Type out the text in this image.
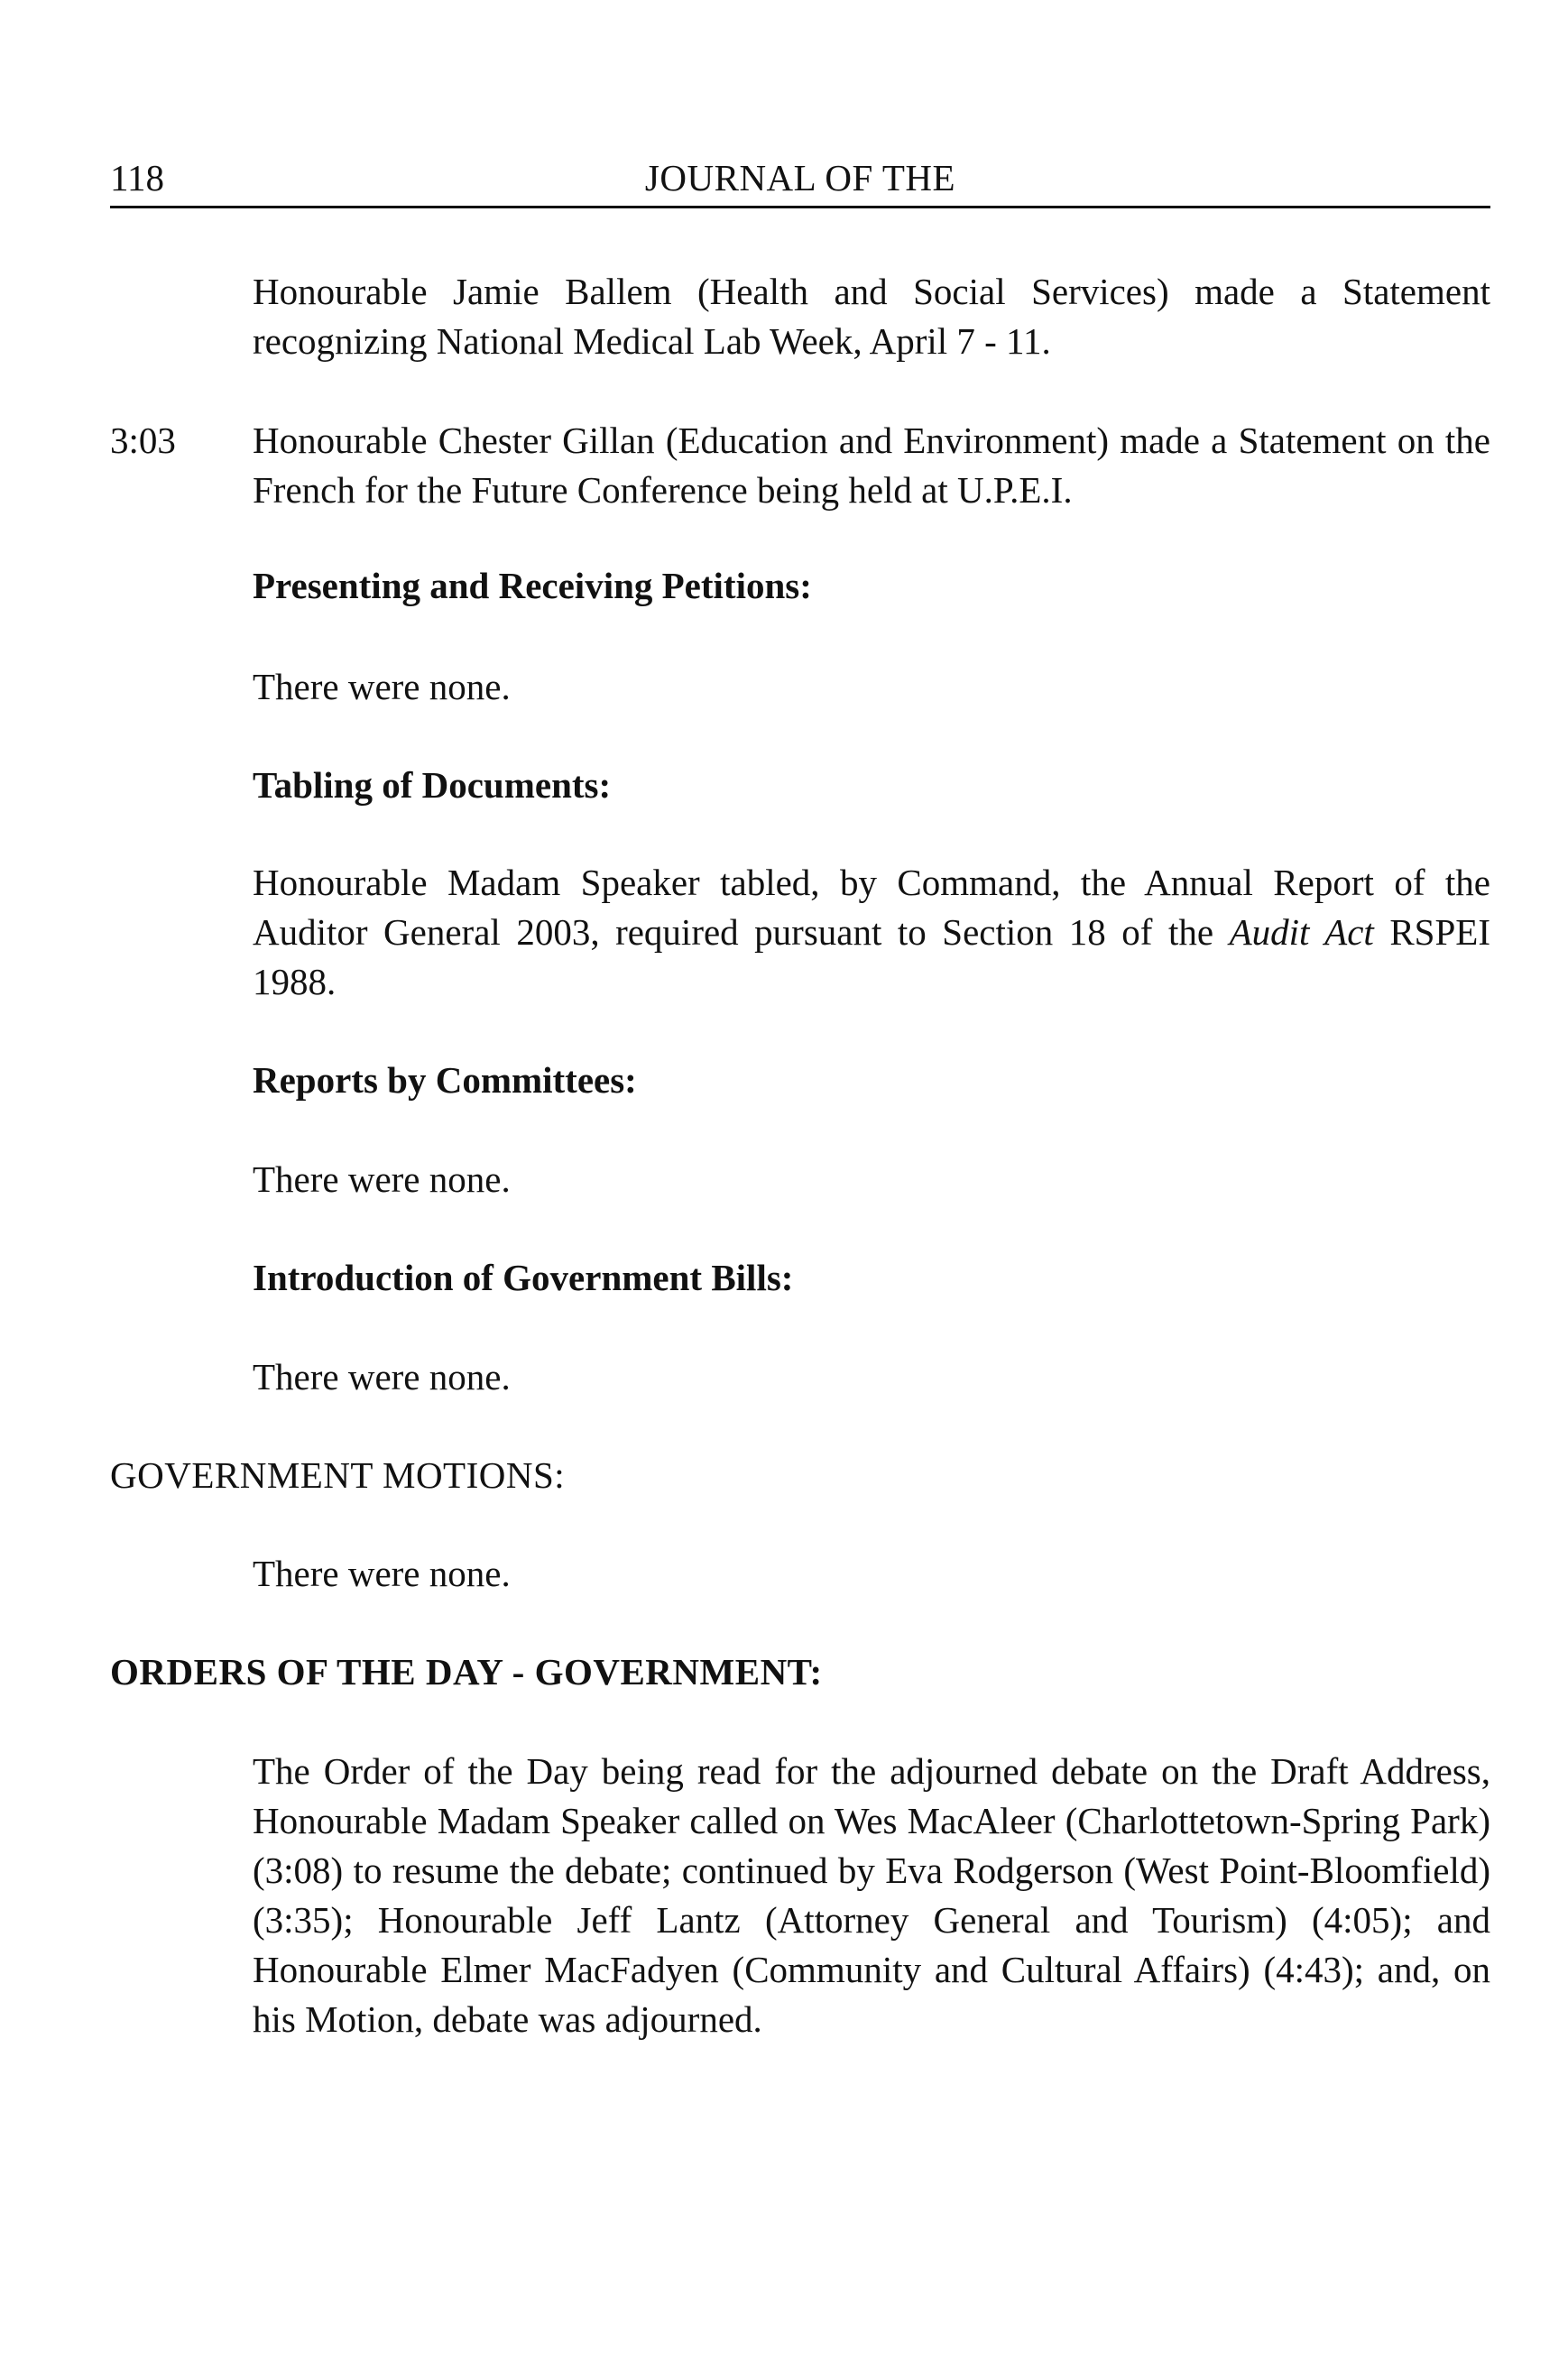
118	JOURNAL OF THE
Honourable Jamie Ballem (Health and Social Services) made a Statement recognizing National Medical Lab Week, April 7 - 11.
3:03 Honourable Chester Gillan (Education and Environment) made a Statement on the French for the Future Conference being held at U.P.E.I.
Presenting and Receiving Petitions:
There were none.
Tabling of Documents:
Honourable Madam Speaker tabled, by Command, the Annual Report of the Auditor General 2003, required pursuant to Section 18 of the Audit Act RSPEI 1988.
Reports by Committees:
There were none.
Introduction of Government Bills:
There were none.
GOVERNMENT MOTIONS:
There were none.
ORDERS OF THE DAY - GOVERNMENT:
The Order of the Day being read for the adjourned debate on the Draft Address, Honourable Madam Speaker called on Wes MacAleer (Charlottetown-Spring Park) (3:08) to resume the debate; continued by Eva Rodgerson (West Point-Bloomfield) (3:35); Honourable Jeff Lantz (Attorney General and Tourism) (4:05); and Honourable Elmer MacFadyen (Community and Cultural Affairs) (4:43); and, on his Motion, debate was adjourned.
